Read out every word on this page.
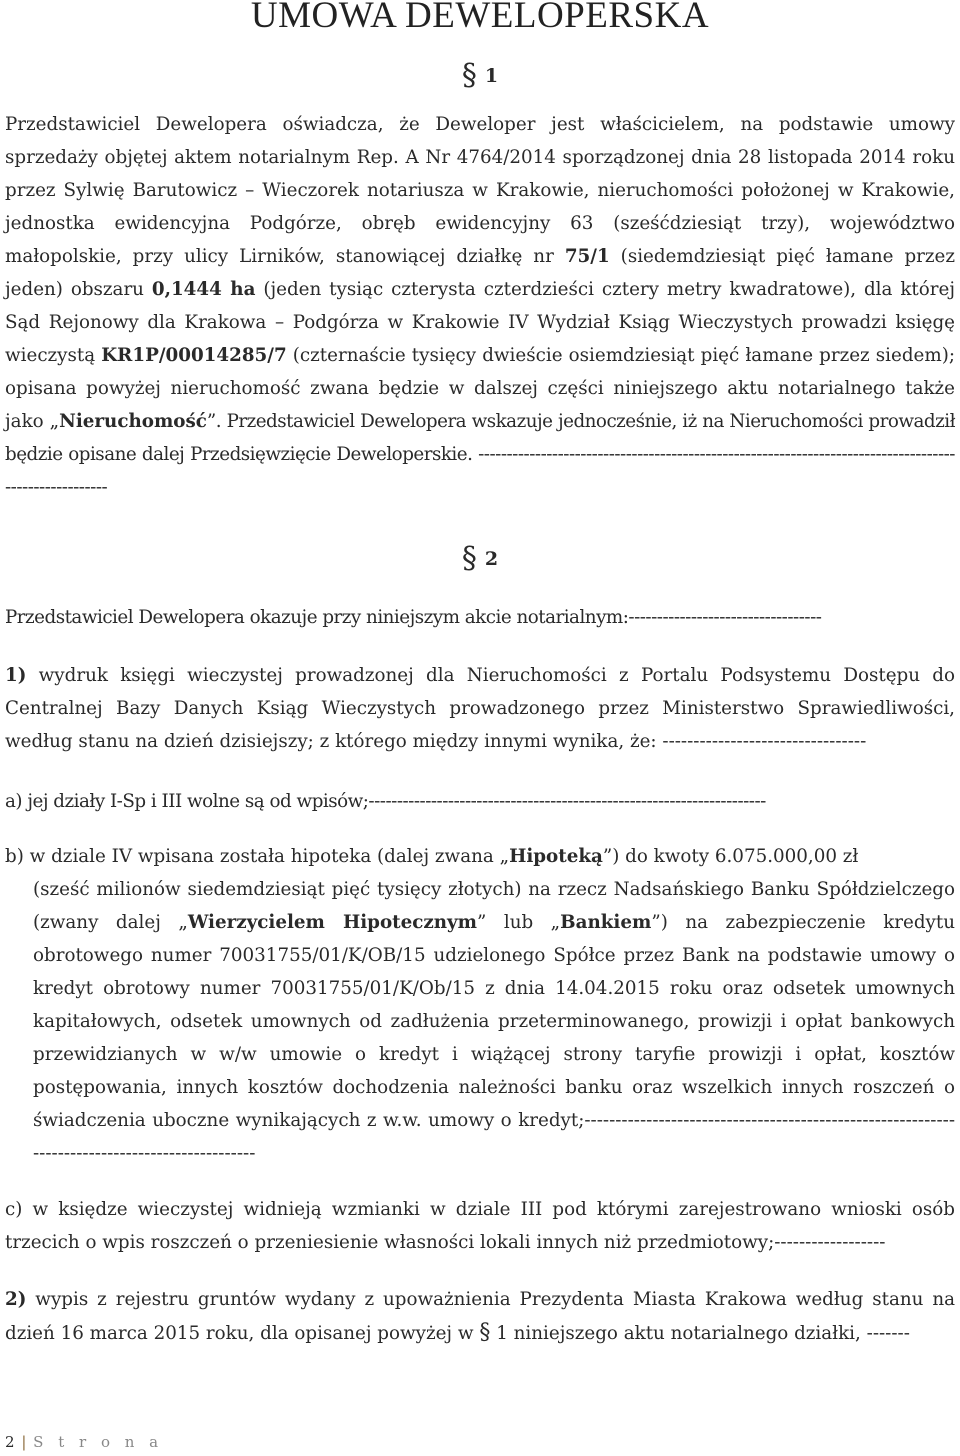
UMOWA DEWELOPERSKA
§ 1
Przedstawiciel Dewelopera oświadcza, że Deweloper jest właścicielem, na podstawie umowy sprzedaży objętej aktem notarialnym Rep. A Nr 4764/2014 sporządzonej dnia 28 listopada 2014 roku przez Sylwię Barutowicz – Wieczorek notariusza w Krakowie, nieruchomości położonej w Krakowie, jednostka ewidencyjna Podgórze, obręb ewidencyjny 63 (sześćdziesiąt trzy), województwo małopolskie, przy ulicy Lirników, stanowiącej działkę nr 75/1 (siedemdziesiąt pięć łamane przez jeden) obszaru 0,1444 ha (jeden tysiąc czterysta czterdzieści cztery metry kwadratowe), dla której Sąd Rejonowy dla Krakowa – Podgórza w Krakowie IV Wydział Ksiąg Wieczystych prowadzi księgę wieczystą KR1P/00014285/7 (czternaście tysięcy dwieście osiemdziesiąt pięć łamane przez siedem); opisana powyżej nieruchomość zwana będzie w dalszej części niniejszego aktu notarialnego także jako „Nieruchomość”. Przedstawiciel Dewelopera wskazuje jednocześnie, iż na Nieruchomości prowadził będzie opisane dalej Przedsięwzięcie Deweloperskie. ------------------------------------------------------------------------------------------------------
§ 2
Przedstawiciel Dewelopera okazuje przy niniejszym akcie notarialnym:----------------------------------
1) wydruk księgi wieczystej prowadzonej dla Nieruchomości z Portalu Podsystemu Dostępu do Centralnej Bazy Danych Ksiąg Wieczystych prowadzonego przez Ministerstwo Sprawiedliwości, według stanu na dzień dzisiejszy; z którego między innymi wynika, że: ---------------------------------
a) jej działy I-Sp i III wolne są od wpisów;----------------------------------------------------------------------
b) w dziale IV wpisana została hipoteka (dalej zwana „Hipoteką”) do kwoty 6.075.000,00 zł
(sześć milionów siedemdziesiąt pięć tysięcy złotych) na rzecz Nadsańskiego Banku Spółdzielczego (zwany dalej „Wierzycielem Hipotecznym” lub „Bankiem”) na zabezpieczenie kredytu obrotowego numer 70031755/01/K/OB/15 udzielonego Spółce przez Bank na podstawie umowy o kredyt obrotowy numer 70031755/01/K/Ob/15 z dnia 14.04.2015 roku oraz odsetek umownych kapitałowych, odsetek umownych od zadłużenia przeterminowanego, prowizji i opłat bankowych przewidzianych w w/w umowie o kredyt i wiążącej strony taryfie prowizji i opłat, kosztów postępowania, innych kosztów dochodzenia należności banku oraz wszelkich innych roszczeń o świadczenia uboczne wynikających z w.w. umowy o kredyt;------------------------------------------------------------------------------------------------
c) w księdze wieczystej widnieją wzmianki w dziale III pod którymi zarejestrowano wnioski osób trzecich o wpis roszczeń o przeniesienie własności lokali innych niż przedmiotowy;------------------
2) wypis z rejestru gruntów wydany z upoważnienia Prezydenta Miasta Krakowa według stanu na dzień 16 marca 2015 roku, dla opisanej powyżej w § 1 niniejszego aktu notarialnego działki, -------
2 | S t r o n a
